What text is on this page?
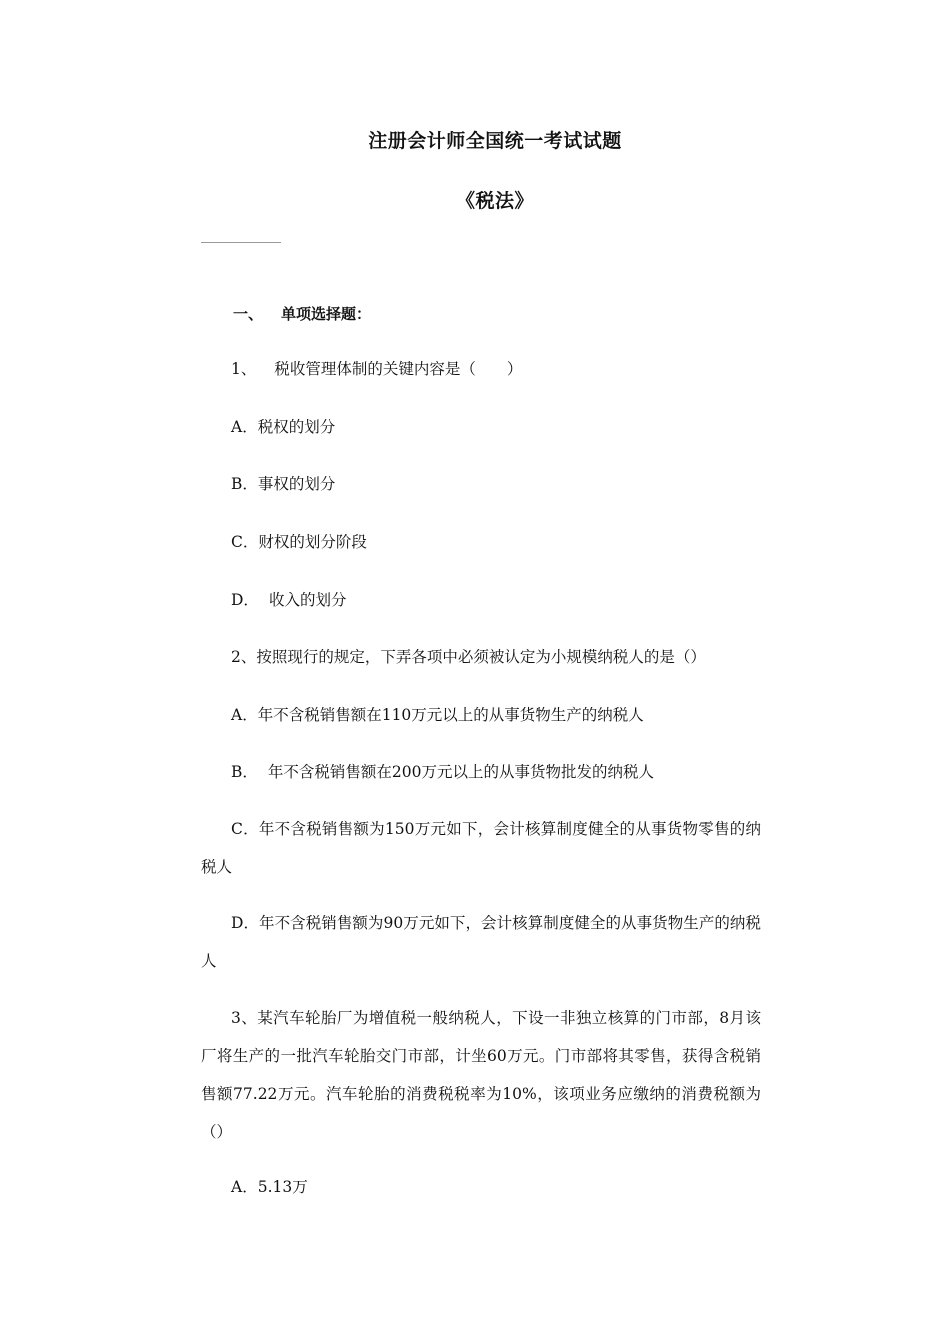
注册会计师全国统一考试试题
《税法》
一、 单项选择题：
1、 税收管理体制的关键内容是（　　）
A．税权的划分
B．事权的划分
C．财权的划分阶段
D． 收入的划分
2、按照现行的规定，下弄各项中必须被认定为小规模纳税人的是（）
A．年不含税销售额在110万元以上的从事货物生产的纳税人
B． 年不含税销售额在200万元以上的从事货物批发的纳税人
C．年不含税销售额为150万元如下，会计核算制度健全的从事货物零售的纳税人
D．年不含税销售额为90万元如下，会计核算制度健全的从事货物生产的纳税人
3、某汽车轮胎厂为增值税一般纳税人，下设一非独立核算的门市部，8月该厂将生产的一批汽车轮胎交门市部，计坐60万元。门市部将其零售，获得含税销售额77.22万元。汽车轮胎的消费税税率为10%，该项业务应缴纳的消费税额为（）
A．5.13万
